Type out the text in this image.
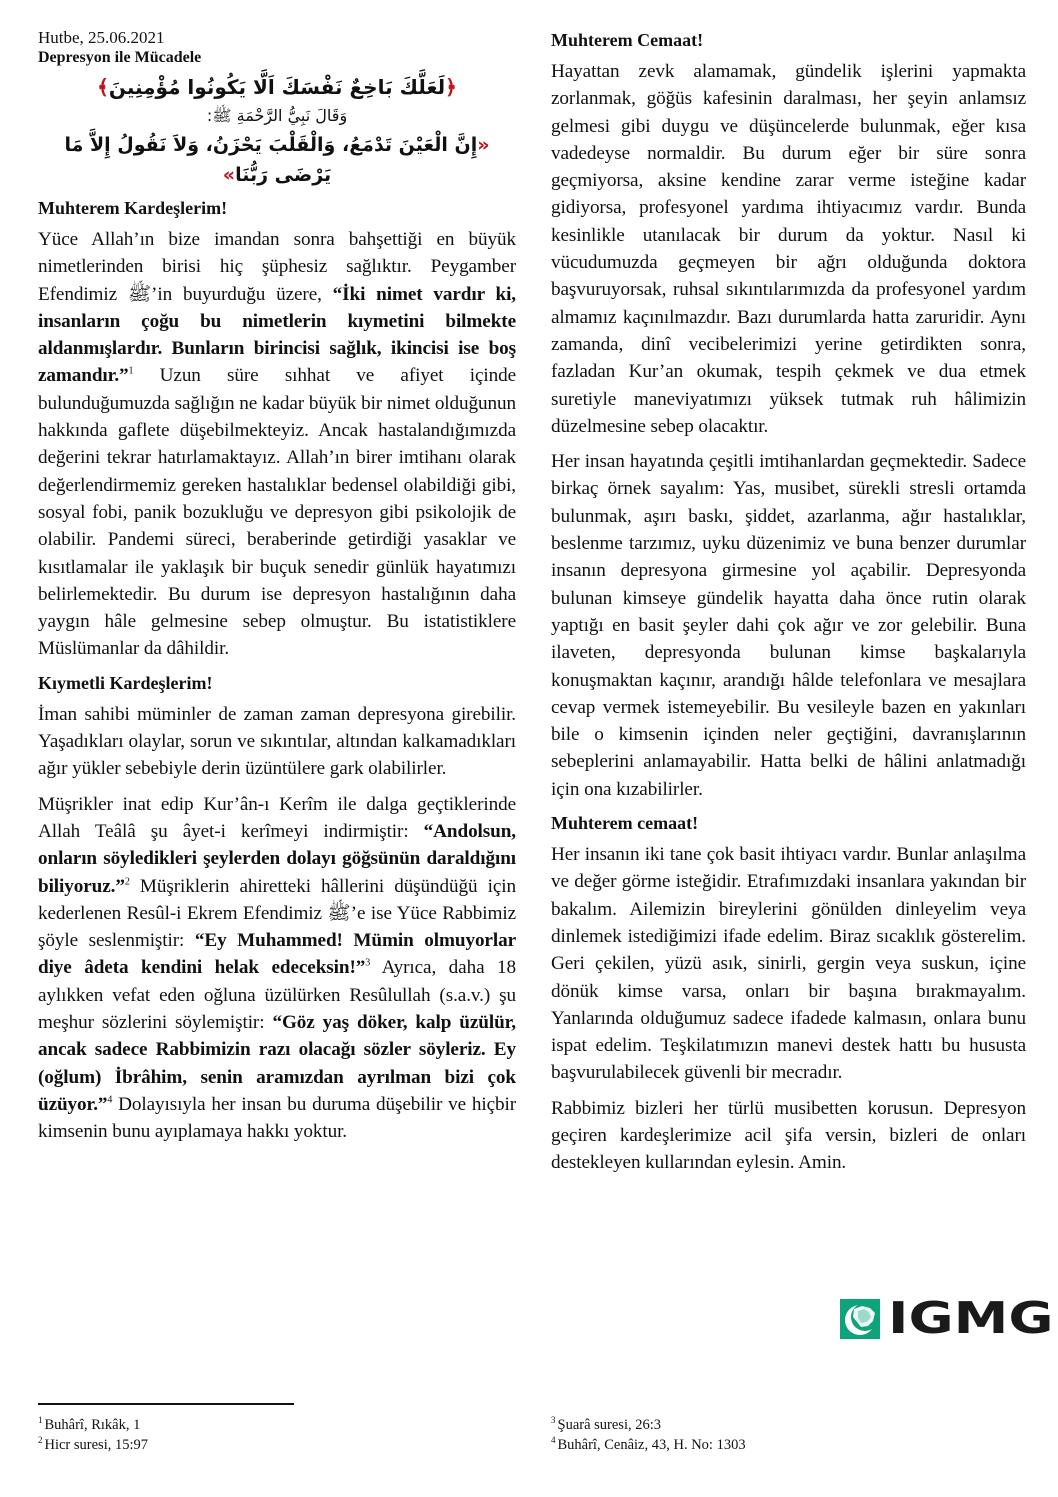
Hutbe, 25.06.2021
Depresyon ile Mücadele
﴿لَعَلَّكَ بَاخِعٌ نَفْسَكَ اَلَّا يَكُونُوا مُؤْمِنِينَ﴾
وَقَالَ نَبِيُّ الرَّحْمَةِ ﷺ:
«إِنَّ الْعَيْنَ تَدْمَعُ، وَالْقَلْبَ يَحْزَنُ، وَلاَ نَقُولُ إِلاَّ مَا يَرْضَى رَبُّنَا»
Muhterem Kardeşlerim!

Yüce Allah’ın bize imandan sonra bahşettiği en büyük nimetlerinden birisi hiç şüphesiz sağlıktır. Peygamber Efendimiz ﷺ’in buyurduğu üzere, “İki nimet vardır ki, insanların çoğu bu nimetlerin kıymetini bilmekte aldanmışlardır. Bunların birincisi sağlık, ikincisi ise boş zamandır.”$^1$ Uzun süre sıhhat ve afiyet içinde bulunduğumuzda sağlığın ne kadar büyük bir nimet olduğunun hakkında gaflete düşebilmekteyiz. Ancak hastalandığımızda değerini tekrar hatırlamaktayız. Allah’ın birer imtihanı olarak değerlendirmemiz gereken hastalıklar bedensel olabildiği gibi, sosyal fobi, panik bozukluğu ve depresyon gibi psikolojik de olabilir. Pandemi süreci, beraberinde getirdiği yasaklar ve kısıtlamalar ile yaklaşık bir buçuk senedir günlük hayatımızı belirlemektedir. Bu durum ise depresyon hastalığının daha yaygın hâle gelmesine sebep olmuştur. Bu istatistiklere Müslümanlar da dâhildir.

Kıymetli Kardeşlerim!

İman sahibi müminler de zaman zaman depresyona girebilir. Yaşadıkları olaylar, sorun ve sıkıntılar, altından kalkamadıkları ağır yükler sebebiyle derin üzüntülere gark olabilirler.

Müşrikler inat edip Kur’ân-ı Kerîm ile dalga geçtiklerinde Allah Teâlâ şu âyet-i kerîmeyi indirmiştir: “Andolsun, onların söyledikleri şeylerden dolayı göğsünün daraldığını biliyoruz.”$^2$ Müşriklerin ahiretteki hâllerini düşündüğü için kederlenen Resûl-i Ekrem Efendimiz ﷺ’e ise Yüce Rabbimiz şöyle seslenmiştir: “Ey Muhammed! Mümin olmuyorlar diye âdeta kendini helak edeceksin!”$^3$ Ayrıca, daha 18 aylıkken vefat eden oğluna üzülürken Resûlullah (s.a.v.) şu meşhur sözlerini söylemiştir: “Göz yaş döker, kalp üzülür, ancak sadece Rabbimizin razı olacağı sözler söyleriz. Ey (oğlum) İbrâhim, senin aramızdan ayrılman bizi çok üzüyor.”$^4$ Dolayısıyla her insan bu duruma düşebilir ve hiçbir kimsenin bunu ayıplamaya hakkı yoktur.

Muhterem Cemaat!

Hayattan zevk alamamak, gündelik işlerini yapmakta zorlanmak, göğüs kafesinin daralması, her şeyin anlamsız gelmesi gibi duygu ve düşüncelerde bulunmak, eğer kısa vadedeyse normaldir. Bu durum eğer bir süre sonra geçmiyorsa, aksine kendine zarar verme isteğine kadar gidiyorsa, profesyonel yardıma ihtiyacımız vardır. Bunda kesinlikle utanılacak bir durum da yoktur. Nasıl ki vücudumuzda geçmeyen bir ağrı olduğunda doktora başvuruyorsak, ruhsal sıkıntılarımızda da profesyonel yardım almamız kaçınılmazdır. Bazı durumlarda hatta zaruridir. Aynı zamanda, dinî vecibelerimizi yerine getirdikten sonra, fazladan Kur’an okumak, tespih çekmek ve dua etmek suretiyle maneviyatımızı yüksek tutmak ruh hâlimizin düzelmesine sebep olacaktır.

Her insan hayatında çeşitli imtihanlardan geçmektedir. Sadece birkaç örnek sayalım: Yas, musibet, sürekli stresli ortamda bulunmak, aşırı baskı, şiddet, azarlanma, ağır hastalıklar, beslenme tarzımız, uyku düzenimiz ve buna benzer durumlar insanın depresyona girmesine yol açabilir. Depresyonda bulunan kimseye gündelik hayatta daha önce rutin olarak yaptığı en basit şeyler dahi çok ağır ve zor gelebilir. Buna ilaveten, depresyonda bulunan kimse başkalarıyla konuşmaktan kaçınır, arandığı hâlde telefonlara ve mesajlara cevap vermek istemeyebilir. Bu vesileyle bazen en yakınları bile o kimsenin içinden neler geçtiğini, davranışlarının sebeplerini anlamayabilir. Hatta belki de hâlini anlatmadığı için ona kızabilirler.

Muhterem cemaat!

Her insanın iki tane çok basit ihtiyacı vardır. Bunlar anlaşılma ve değer görme isteğidir. Etrafımızdaki insanlara yakından bir bakalım. Ailemizin bireylerini gönülden dinleyelim veya dinlemek istediğimizi ifade edelim. Biraz sıcaklık gösterelim. Geri çekilen, yüzü asık, sinirli, gergin veya suskun, içine dönük kimse varsa, onları bir başına bırakmayalım. Yanlarında olduğumuz sadece ifadede kalmasın, onlara bunu ispat edelim. Teşkilatımızın manevi destek hattı bu hususta başvurulabilecek güvenli bir mecradır.

Rabbimiz bizleri her türlü musibetten korusun. Depresyon geçiren kardeşlerimize acil şifa versin, bizleri de onları destekleyen kullarından eylesin. Amin.

IGMG
$^1$ Buhârî, Rıkâk, 1
$^2$ Hicr suresi, 15:97
$^3$ Şuarâ suresi, 26:3
$^4$ Buhârî, Cenâiz, 43, H. No: 1303
